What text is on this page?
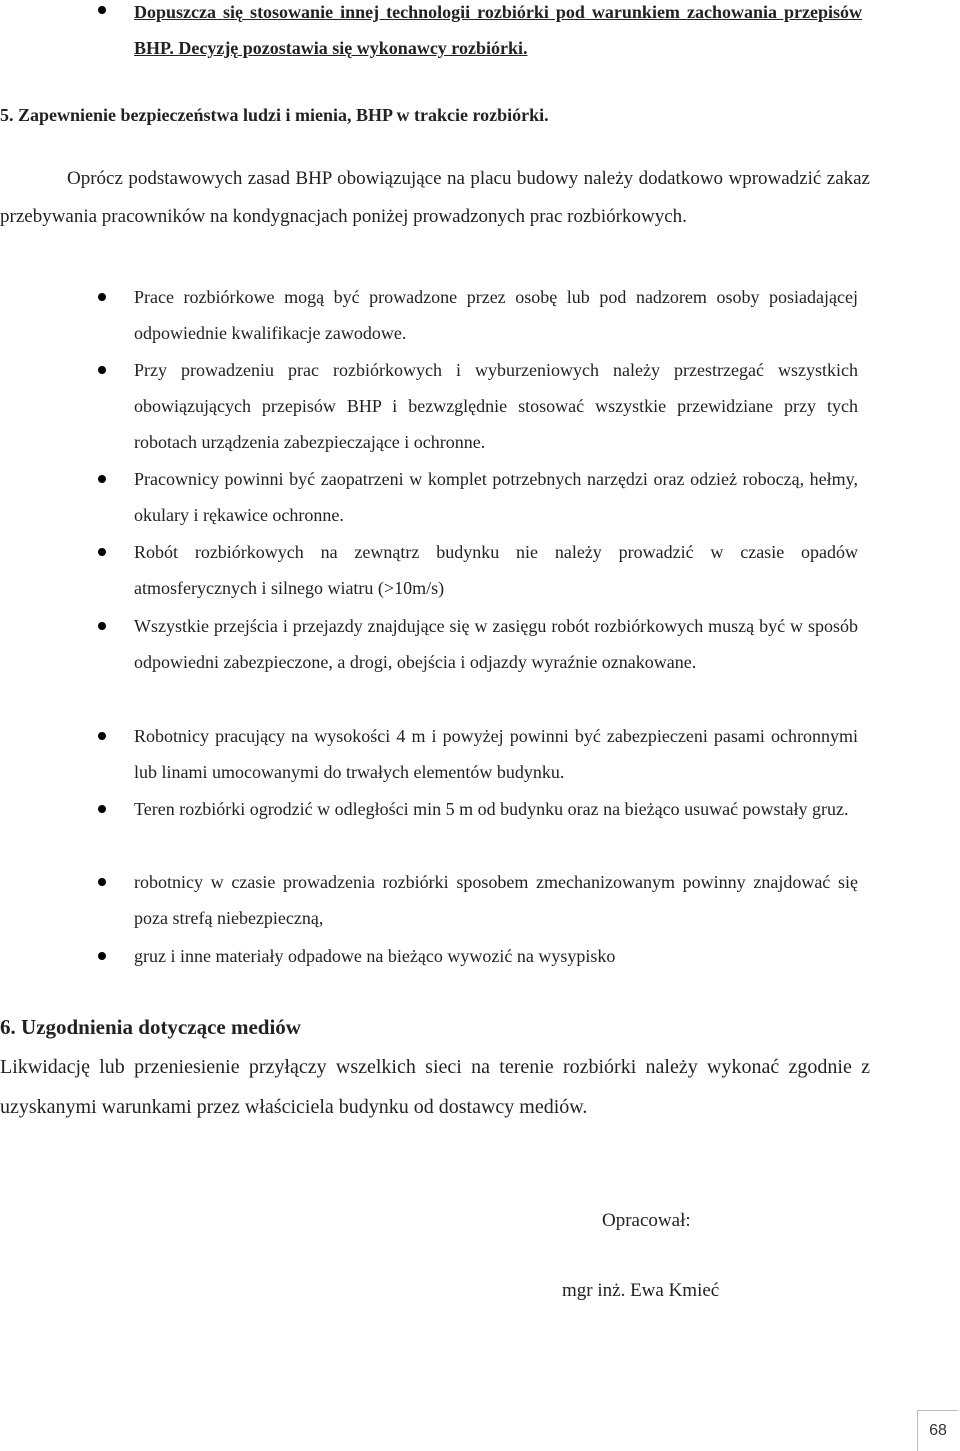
Dopuszcza się stosowanie innej technologii rozbiórki pod warunkiem zachowania przepisów BHP. Decyzję pozostawia się wykonawcy rozbiórki.
5. Zapewnienie bezpieczeństwa ludzi i mienia, BHP w trakcie rozbiórki.
Oprócz podstawowych zasad BHP obowiązujące na placu budowy należy dodatkowo wprowadzić zakaz przebywania pracowników na kondygnacjach poniżej prowadzonych prac rozbiórkowych.
Prace rozbiórkowe mogą być prowadzone przez osobę lub pod nadzorem osoby posiadającej odpowiednie kwalifikacje zawodowe.
Przy prowadzeniu prac rozbiórkowych i wyburzeniowych należy przestrzegać wszystkich obowiązujących przepisów BHP i bezwzględnie stosować wszystkie przewidziane przy tych robotach urządzenia zabezpieczające i ochronne.
Pracownicy powinni być zaopatrzeni w komplet potrzebnych narzędzi oraz odzież roboczą, hełmy, okulary i rękawice ochronne.
Robót rozbiórkowych na zewnątrz budynku nie należy prowadzić w czasie opadów atmosferycznych i silnego wiatru (>10m/s)
Wszystkie przejścia i przejazdy znajdujące się w zasięgu robót rozbiórkowych muszą być w sposób odpowiedni zabezpieczone, a drogi, obejścia i odjazdy wyraźnie oznakowane.
Robotnicy pracujący na wysokości 4 m i powyżej powinni być zabezpieczeni pasami ochronnymi lub linami umocowanymi do trwałych elementów budynku.
Teren rozbiórki ogrodzić w odległości min 5 m od budynku oraz na bieżąco usuwać powstały gruz.
robotnicy w czasie prowadzenia rozbiórki sposobem zmechanizowanym powinny znajdować się poza strefą niebezpieczną,
gruz i inne materiały odpadowe na bieżąco wywozić na wysypisko
6. Uzgodnienia dotyczące mediów
Likwidację lub przeniesienie przyłączy wszelkich sieci na terenie rozbiórki należy wykonać zgodnie z uzyskanymi warunkami przez właściciela budynku od dostawcy mediów.
Opracował:
mgr inż. Ewa Kmieć
68
